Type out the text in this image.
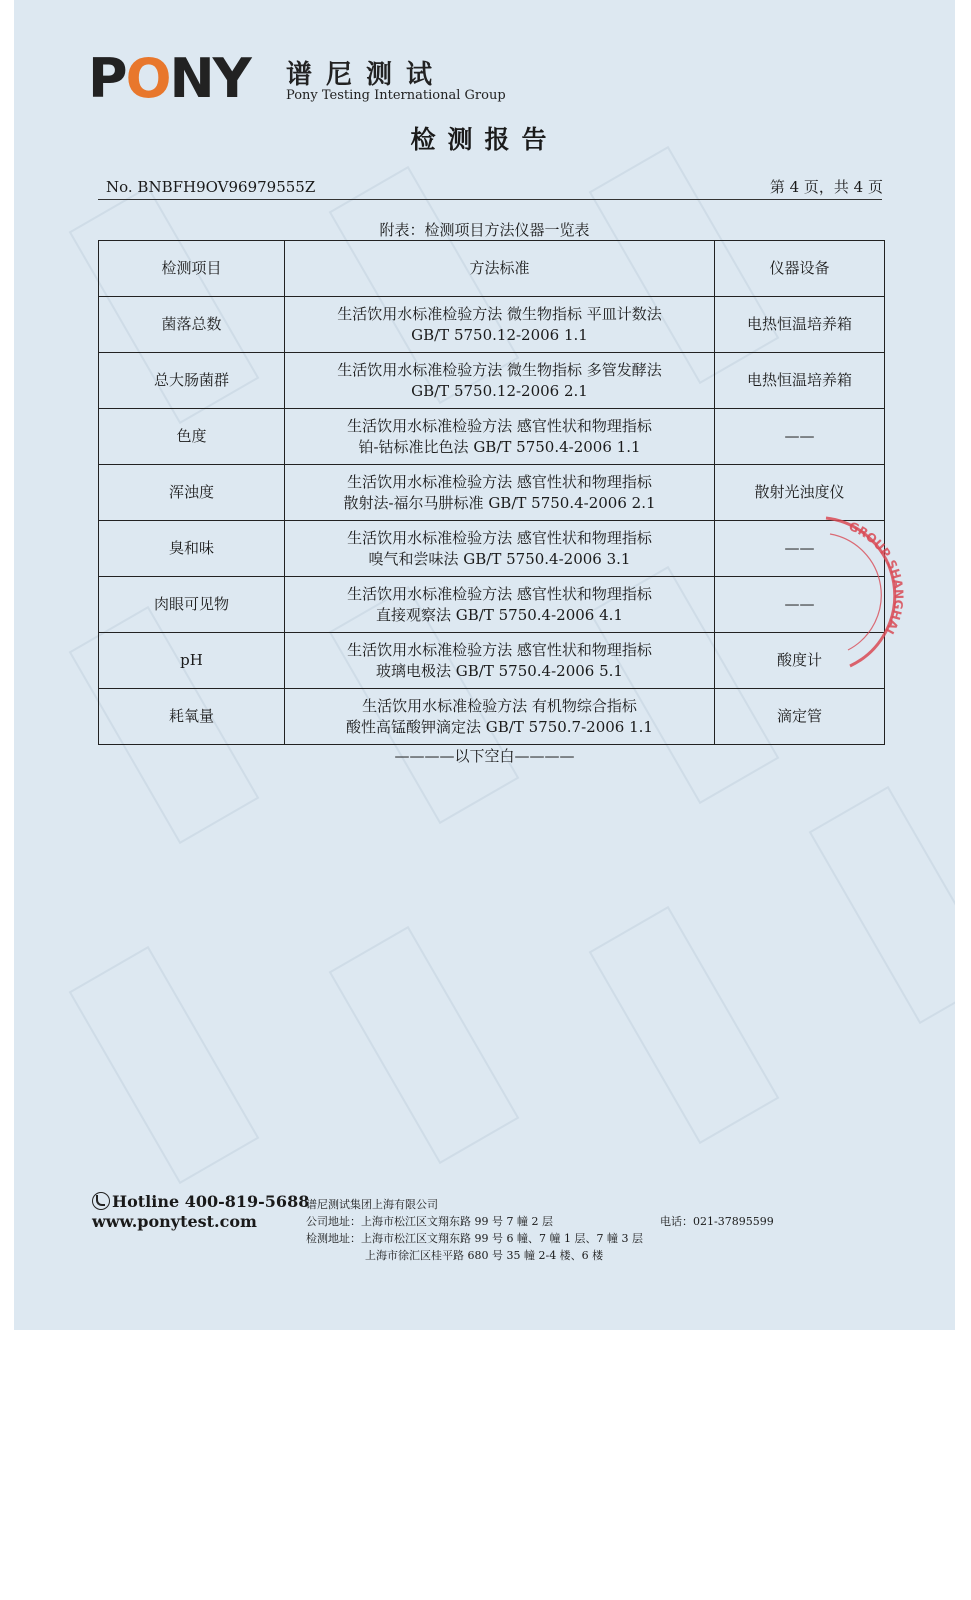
PONY 谱尼测试
Pony Testing International Group
检测报告
No. BNBFH9OV96979555Z	第 4 页，共 4 页
附表：检测项目方法仪器一览表
检测项目	方法标准	仪器设备
菌落总数	生活饮用水标准检验方法 微生物指标 平皿计数法
GB/T 5750.12-2006 1.1	电热恒温培养箱
总大肠菌群	生活饮用水标准检验方法 微生物指标 多管发酵法
GB/T 5750.12-2006 2.1	电热恒温培养箱
色度	生活饮用水标准检验方法 感官性状和物理指标
铂-钴标准比色法 GB/T 5750.4-2006 1.1	——
浑浊度	生活饮用水标准检验方法 感官性状和物理指标
散射法-福尔马肼标准 GB/T 5750.4-2006 2.1	散射光浊度仪
臭和味	生活饮用水标准检验方法 感官性状和物理指标
嗅气和尝味法 GB/T 5750.4-2006 3.1	——
肉眼可见物	生活饮用水标准检验方法 感官性状和物理指标
直接观察法 GB/T 5750.4-2006 4.1	——
pH	生活饮用水标准检验方法 感官性状和物理指标
玻璃电极法 GB/T 5750.4-2006 5.1	酸度计
耗氧量	生活饮用水标准检验方法 有机物综合指标
酸性高锰酸钾滴定法 GB/T 5750.7-2006 1.1	滴定管
————以下空白————
GROUP SHANGHAI
Hotline 400-819-5688
www.ponytest.com
谱尼测试集团上海有限公司
公司地址：上海市松江区文翔东路 99 号 7 幢 2 层
检测地址：上海市松江区文翔东路 99 号 6 幢、7 幢 1 层、7 幢 3 层
上海市徐汇区桂平路 680 号 35 幢 2-4 楼、6 楼
电话：021-37895599
